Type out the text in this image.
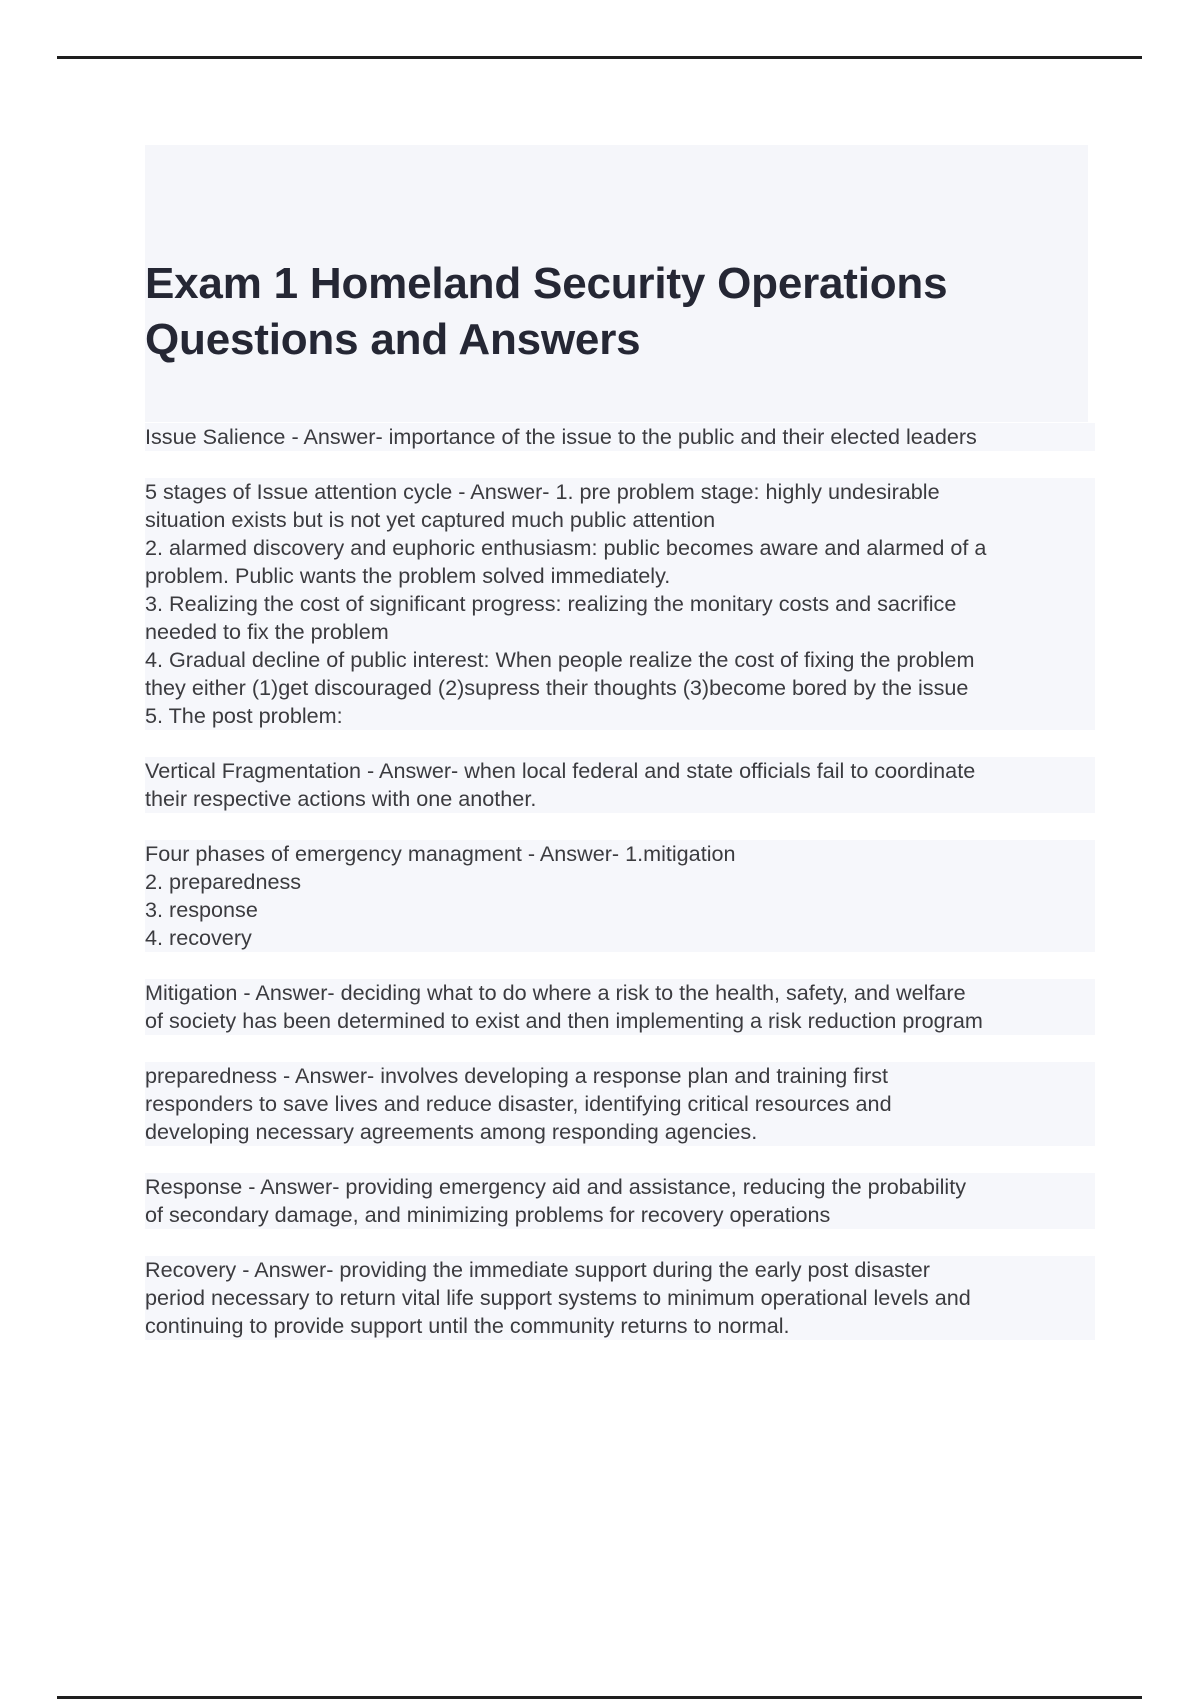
Exam 1 Homeland Security Operations
Questions and Answers

Issue Salience - Answer- importance of the issue to the public and their elected leaders

5 stages of Issue attention cycle - Answer- 1. pre problem stage: highly undesirable
situation exists but is not yet captured much public attention
2. alarmed discovery and euphoric enthusiasm: public becomes aware and alarmed of a
problem. Public wants the problem solved immediately.
3. Realizing the cost of significant progress: realizing the monitary costs and sacrifice
needed to fix the problem
4. Gradual decline of public interest: When people realize the cost of fixing the problem
they either (1)get discouraged (2)supress their thoughts (3)become bored by the issue
5. The post problem:

Vertical Fragmentation - Answer- when local federal and state officials fail to coordinate
their respective actions with one another.

Four phases of emergency managment - Answer- 1.mitigation
2. preparedness
3. response
4. recovery

Mitigation - Answer- deciding what to do where a risk to the health, safety, and welfare
of society has been determined to exist and then implementing a risk reduction program

preparedness - Answer- involves developing a response plan and training first
responders to save lives and reduce disaster, identifying critical resources and
developing necessary agreements among responding agencies.

Response - Answer- providing emergency aid and assistance, reducing the probability
of secondary damage, and minimizing problems for recovery operations

Recovery - Answer- providing the immediate support during the early post disaster
period necessary to return vital life support systems to minimum operational levels and
continuing to provide support until the community returns to normal.
